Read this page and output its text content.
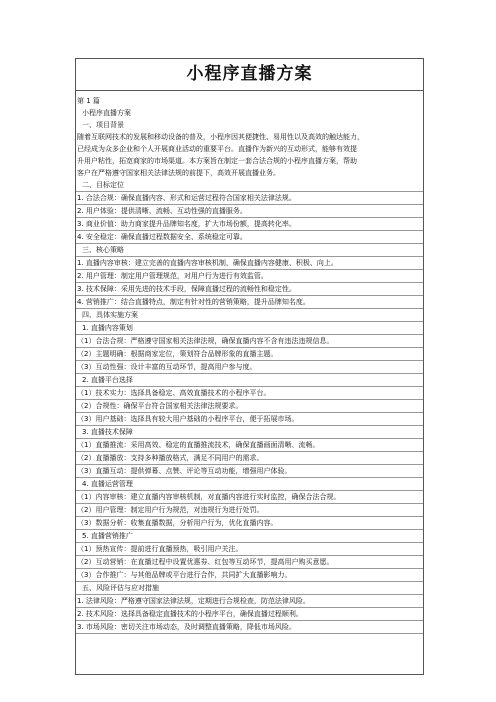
小程序直播方案
第 1 篇
小程序直播方案
一、项目背景
随着互联网技术的发展和移动设备的普及，小程序因其便捷性、易用性以及高效的触达能力，
已经成为众多企业和个人开展商业活动的重要平台。直播作为新兴的互动形式，能够有效提
升用户粘性，拓宽商家的市场渠道。本方案旨在制定一套合法合规的小程序直播方案，帮助
客户在严格遵守国家相关法律法规的前提下，高效开展直播业务。
二、目标定位
1. 合法合规：确保直播内容、形式和运营过程符合国家相关法律法规。
2. 用户体验：提供清晰、流畅、互动性强的直播服务。
3. 商业价值：助力商家提升品牌知名度，扩大市场份额，提高转化率。
4. 安全稳定：确保直播过程数据安全、系统稳定可靠。
三、核心策略
1. 直播内容审核：建立完善的直播内容审核机制，确保直播内容健康、积极、向上。
2. 用户管理：制定用户管理规范，对用户行为进行有效监管。
3. 技术保障：采用先进的技术手段，保障直播过程的流畅性和稳定性。
4. 营销推广：结合直播特点，制定有针对性的营销策略，提升品牌知名度。
四、具体实施方案
1. 直播内容策划
（1）合法合规：严格遵守国家相关法律法规，确保直播内容不含有违法违规信息。
（2）主题明确：根据商家定位，策划符合品牌形象的直播主题。
（3）互动性强：设计丰富的互动环节，提高用户参与度。
2. 直播平台选择
（1）技术实力：选择具备稳定、高效直播技术的小程序平台。
（2）合规性：确保平台符合国家相关法律法规要求。
（3）用户基础：选择具有较大用户基础的小程序平台，便于拓展市场。
3. 直播技术保障
（1）直播推流：采用高效、稳定的直播推流技术，确保直播画面清晰、流畅。
（2）直播播放：支持多种播放格式，满足不同用户的需求。
（3）直播互动：提供弹幕、点赞、评论等互动功能，增强用户体验。
4. 直播运营管理
（1）内容审核：建立直播内容审核机制，对直播内容进行实时监控，确保合法合规。
（2）用户管理：制定用户行为规范，对违规行为进行处罚。
（3）数据分析：收集直播数据，分析用户行为，优化直播内容。
5. 直播营销推广
（1）预热宣传：提前进行直播预热，吸引用户关注。
（2）互动营销：在直播过程中设置优惠券、红包等互动环节，提高用户购买意愿。
（3）合作推广：与其他品牌或平台进行合作，共同扩大直播影响力。
五、风险评估与应对措施
1. 法律风险：严格遵守国家法律法规，定期进行合规检查，防范法律风险。
2. 技术风险：选择具备稳定直播技术的小程序平台，确保直播过程顺利。
3. 市场风险：密切关注市场动态，及时调整直播策略，降低市场风险。
